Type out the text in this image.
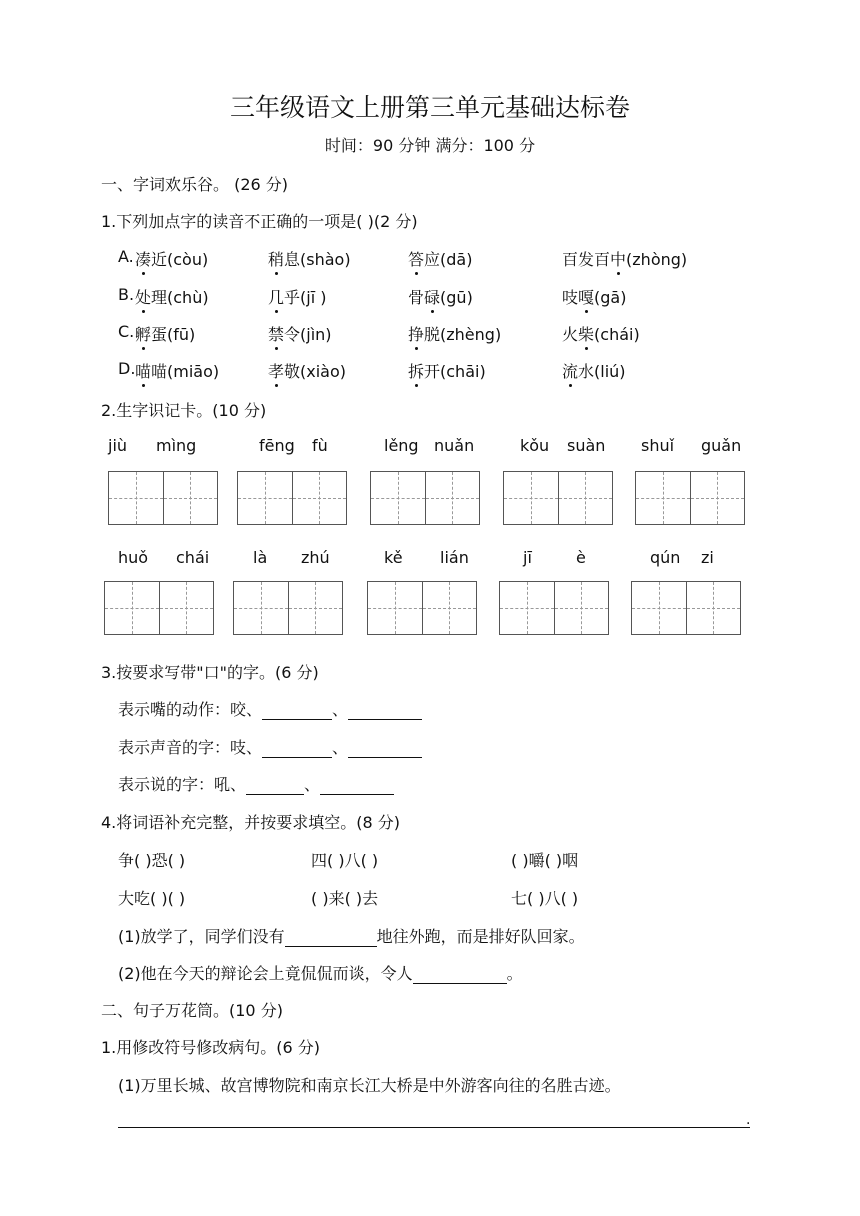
三年级语文上册第三单元基础达标卷
时间：90 分钟 满分：100 分
一、字词欢乐谷。 (26 分)
1.下列加点字的读音不正确的一项是( )(2 分)
A. 凑近(còu)	稍息(shào)	答应(dā)	百发百中(zhòng)
B. 处理(chù)	几乎(jī )	骨碌(gū)	吱嘎(gā)
C. 孵蛋(fū)	禁令(jìn)	挣脱(zhèng)	火柴(chái)
D. 喵喵(miāo)	孝敬(xiào)	拆开(chāi)	流水(liú)
2.生字识记卡。(10 分)
jiù mìng	fēng fù	lěng nuǎn	kǒu suàn shuǐ guǎn
huǒ chái	là zhú	kě lián	jī	è	qún zi
3.按要求写带"口"的字。(6 分)
表示嘴的动作：咬、	、
表示声音的字：吱、	、
表示说的字：吼、	、
4.将词语补充完整，并按要求填空。(8 分)
争( )恐( )	四( )八( )	( )嚼( )咽
大吃( )( )	( )来( )去	七( )八( )
(1)放学了，同学们没有	地往外跑，而是排好队回家。
(2)他在今天的辩论会上竟侃侃而谈，令人	。
二、句子万花筒。(10 分)
1.用修改符号修改病句。(6 分)
(1)万里长城、故宫博物院和南京长江大桥是中外游客向往的名胜古迹。
.
